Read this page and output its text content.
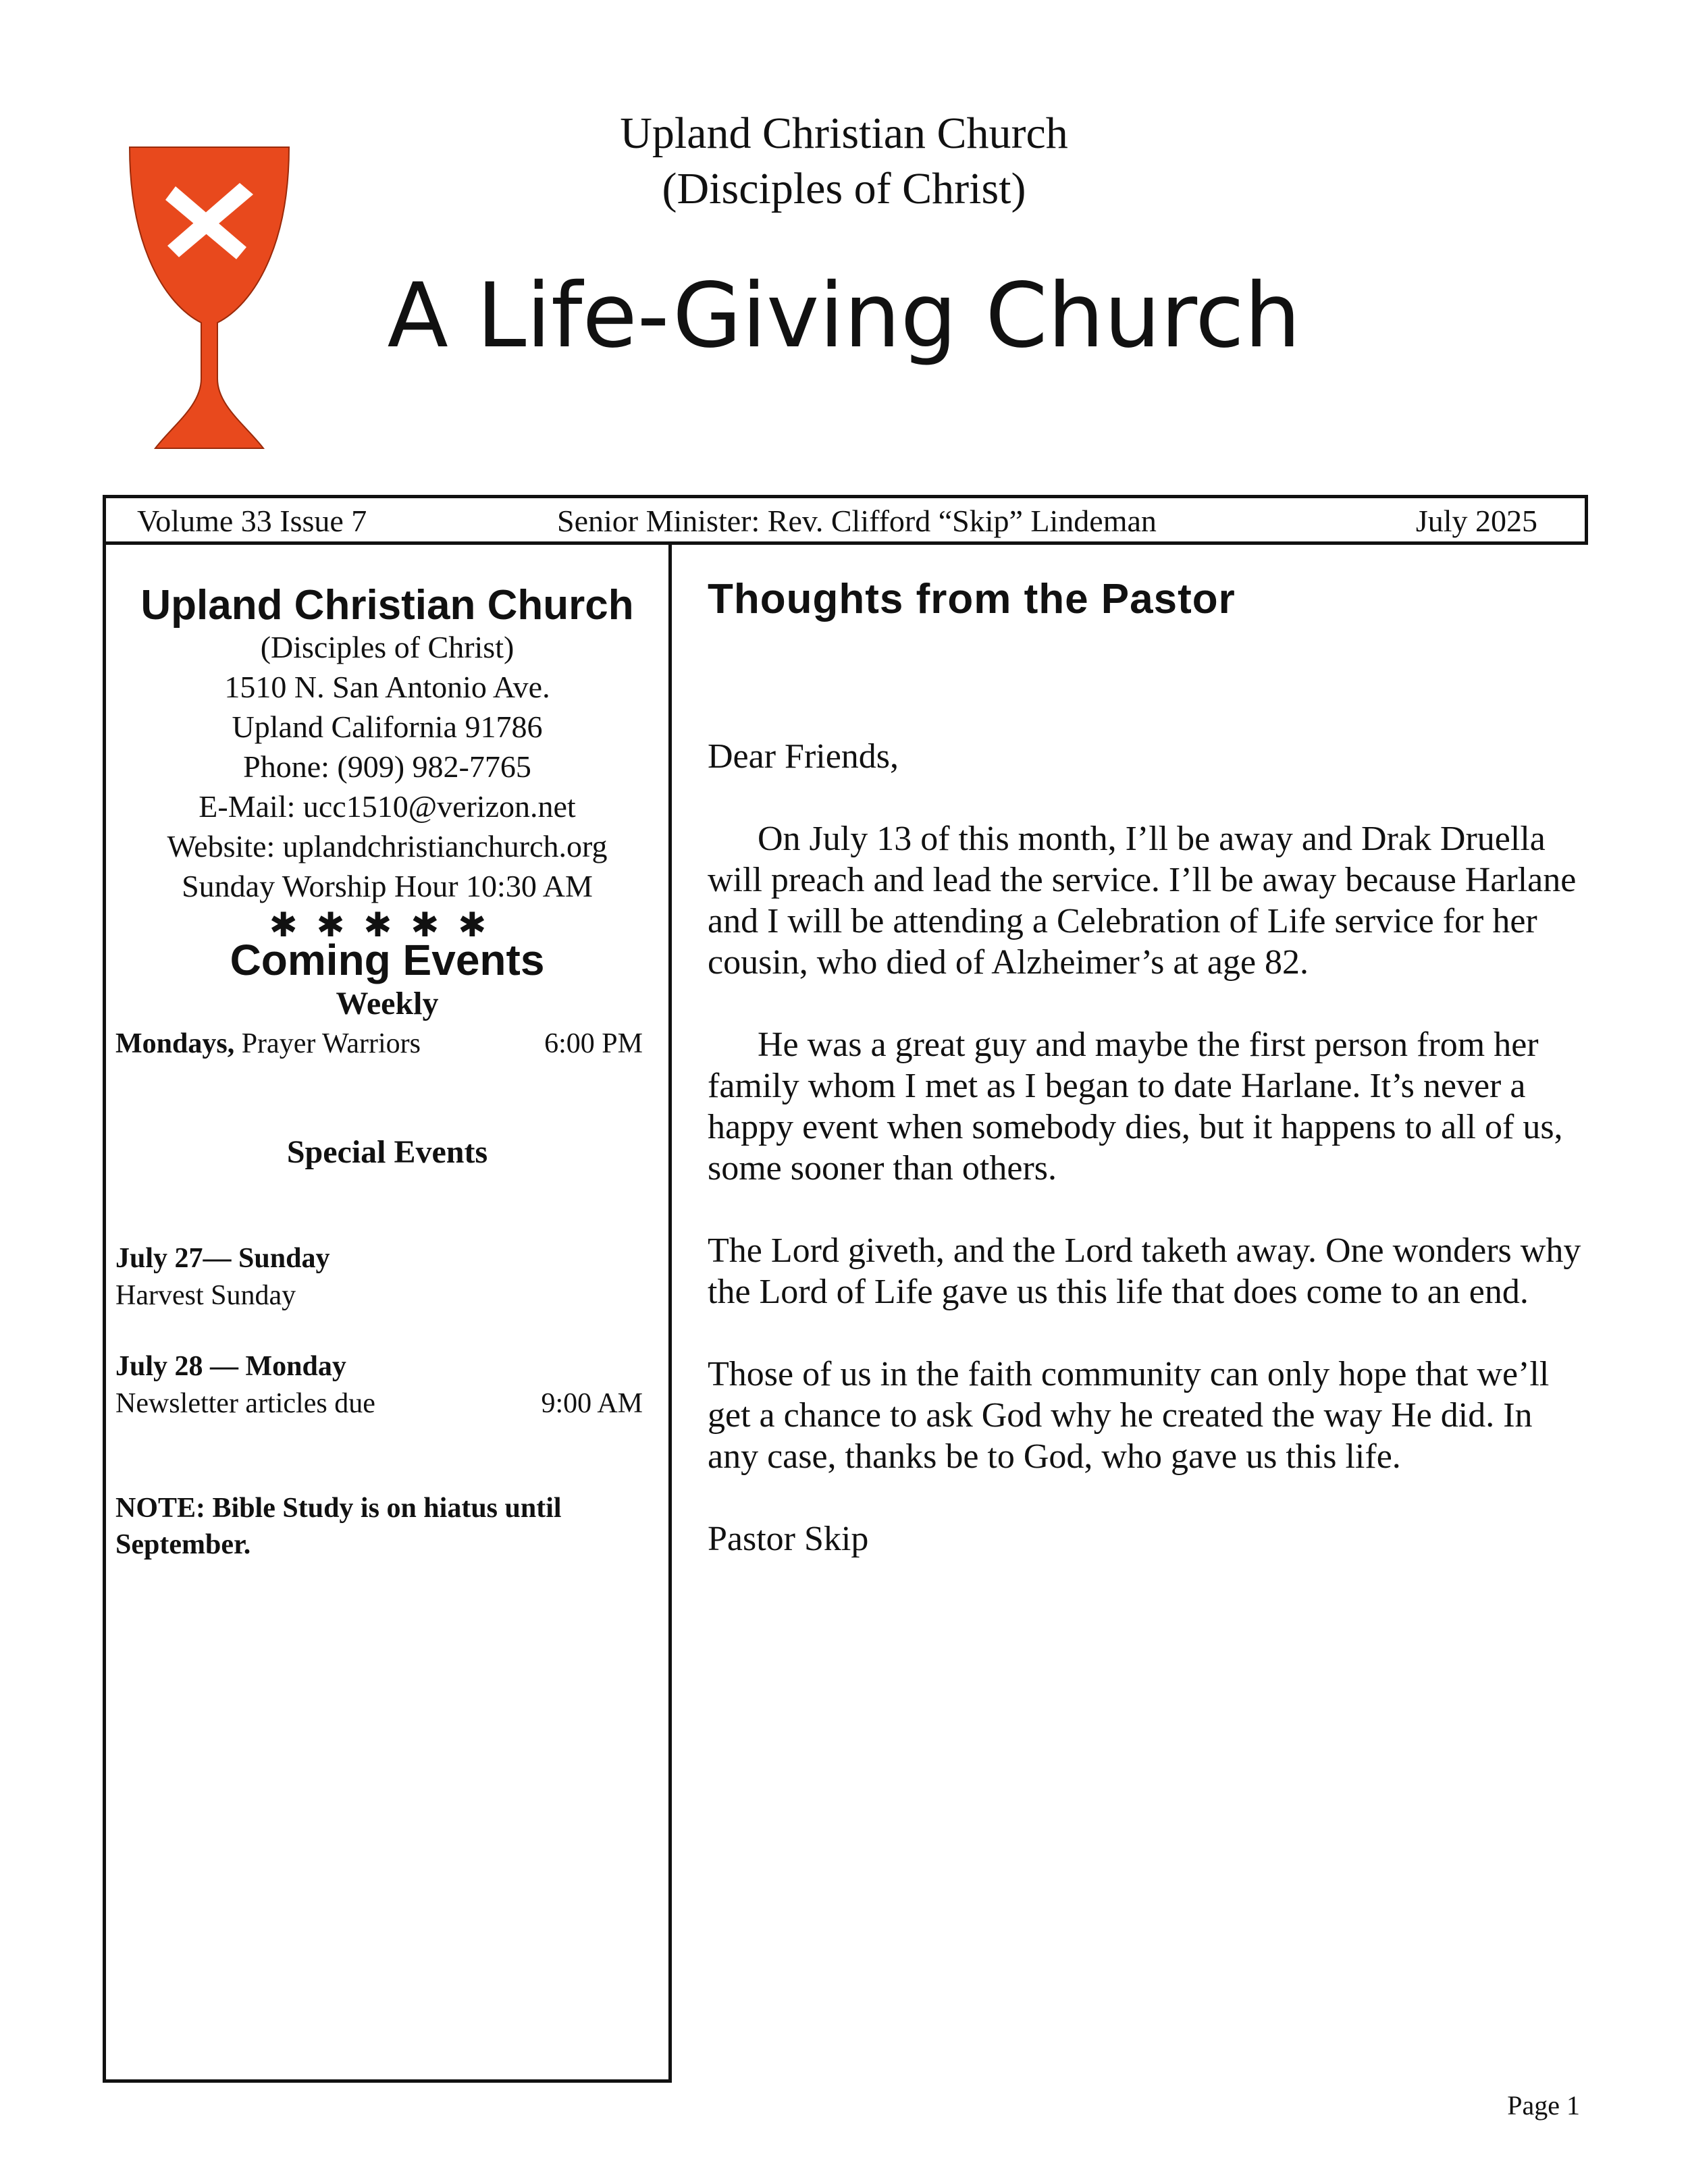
Upland Christian Church
(Disciples of Christ)
A Life-Giving Church
Volume 33 Issue 7	Senior Minister: Rev. Clifford “Skip” Lindeman	July 2025
Upland Christian Church
(Disciples of Christ)
1510 N. San Antonio Ave.
Upland California 91786
Phone: (909) 982-7765
E-Mail: ucc1510@verizon.net
Website: uplandchristianchurch.org
Sunday Worship Hour 10:30 AM
✱✱✱✱✱
Coming Events
Weekly
Mondays, Prayer Warriors	6:00 PM
Special Events
July 27— Sunday
Harvest Sunday
July 28 — Monday
Newsletter articles due	9:00 AM
NOTE: Bible Study is on hiatus until September.
Thoughts from the Pastor

Dear Friends,

On July 13 of this month, I’ll be away and Drak Druella will preach and lead the service. I’ll be away because Harlane and I will be attending a Celebration of Life service for her cousin, who died of Alzheimer’s at age 82.

He was a great guy and maybe the first person from her family whom I met as I began to date Harlane. It’s never a happy event when somebody dies, but it happens to all of us, some sooner than others.

The Lord giveth, and the Lord taketh away. One wonders why the Lord of Life gave us this life that does come to an end.

Those of us in the faith community can only hope that we’ll get a chance to ask God why he created the way He did. In any case, thanks be to God, who gave us this life.

Pastor Skip

Page 1
